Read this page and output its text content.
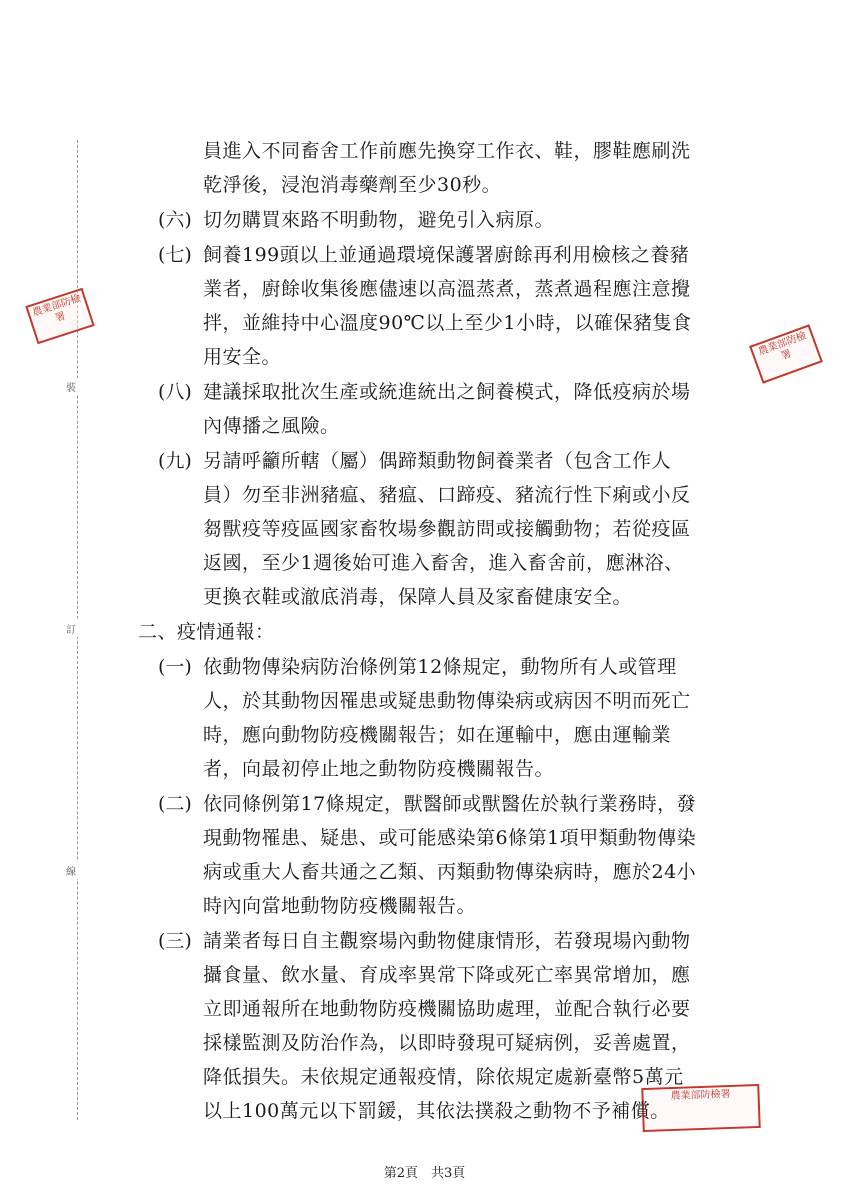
裝
訂
線
農業部防檢署
農業部防檢署
農業部防檢署
員進入不同畜舍工作前應先換穿工作衣、鞋，膠鞋應刷洗
乾淨後，浸泡消毒藥劑至少30秒。
(六) 切勿購買來路不明動物，避免引入病原。
(七) 飼養199頭以上並通過環境保護署廚餘再利用檢核之養豬
業者，廚餘收集後應儘速以高溫蒸煮，蒸煮過程應注意攪
拌，並維持中心溫度90℃以上至少1小時，以確保豬隻食
用安全。
(八) 建議採取批次生產或統進統出之飼養模式，降低疫病於場
內傳播之風險。
(九) 另請呼籲所轄（屬）偶蹄類動物飼養業者（包含工作人
員）勿至非洲豬瘟、豬瘟、口蹄疫、豬流行性下痢或小反
芻獸疫等疫區國家畜牧場參觀訪問或接觸動物；若從疫區
返國，至少1週後始可進入畜舍，進入畜舍前，應淋浴、
更換衣鞋或澈底消毒，保障人員及家畜健康安全。
二、疫情通報：
(一) 依動物傳染病防治條例第12條規定，動物所有人或管理
人，於其動物因罹患或疑患動物傳染病或病因不明而死亡
時，應向動物防疫機關報告；如在運輸中，應由運輸業
者，向最初停止地之動物防疫機關報告。
(二) 依同條例第17條規定，獸醫師或獸醫佐於執行業務時，發
現動物罹患、疑患、或可能感染第6條第1項甲類動物傳染
病或重大人畜共通之乙類、丙類動物傳染病時，應於24小
時內向當地動物防疫機關報告。
(三) 請業者每日自主觀察場內動物健康情形，若發現場內動物
攝食量、飲水量、育成率異常下降或死亡率異常增加，應
立即通報所在地動物防疫機關協助處理，並配合執行必要
採樣監測及防治作為，以即時發現可疑病例，妥善處置，
降低損失。未依規定通報疫情，除依規定處新臺幣5萬元
以上100萬元以下罰鍰，其依法撲殺之動物不予補償。
第2頁　共3頁
